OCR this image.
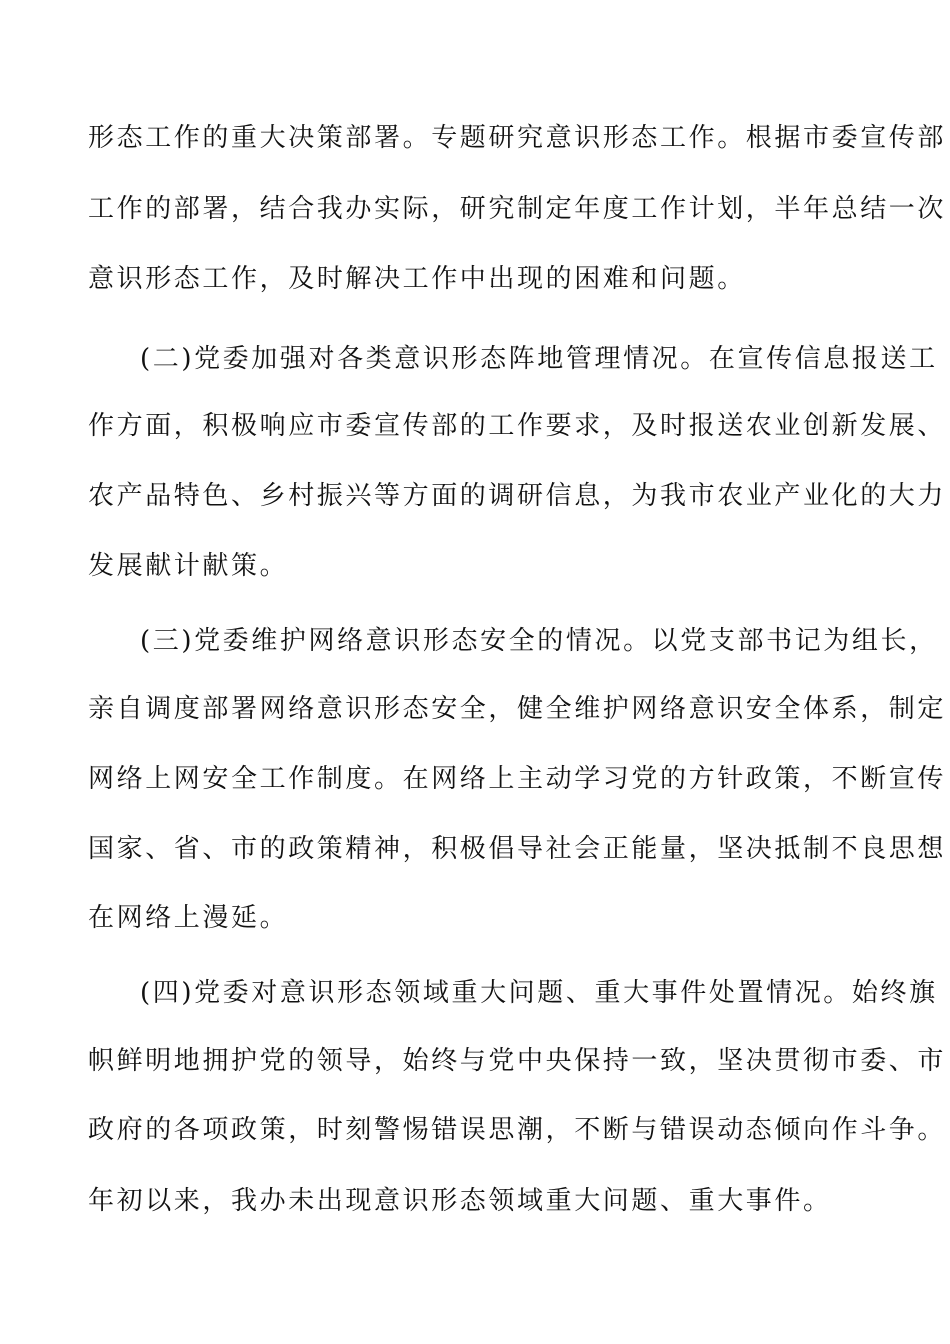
形态工作的重大决策部署。专题研究意识形态工作。根据市委宣传部
工作的部署，结合我办实际，研究制定年度工作计划，半年总结一次
意识形态工作，及时解决工作中出现的困难和问题。
(二)党委加强对各类意识形态阵地管理情况。在宣传信息报送工
作方面，积极响应市委宣传部的工作要求，及时报送农业创新发展、
农产品特色、乡村振兴等方面的调研信息，为我市农业产业化的大力
发展献计献策。
(三)党委维护网络意识形态安全的情况。以党支部书记为组长，
亲自调度部署网络意识形态安全，健全维护网络意识安全体系，制定
网络上网安全工作制度。在网络上主动学习党的方针政策，不断宣传
国家、省、市的政策精神，积极倡导社会正能量，坚决抵制不良思想
在网络上漫延。
(四)党委对意识形态领域重大问题、重大事件处置情况。始终旗
帜鲜明地拥护党的领导，始终与党中央保持一致，坚决贯彻市委、市
政府的各项政策，时刻警惕错误思潮，不断与错误动态倾向作斗争。
年初以来，我办未出现意识形态领域重大问题、重大事件。
